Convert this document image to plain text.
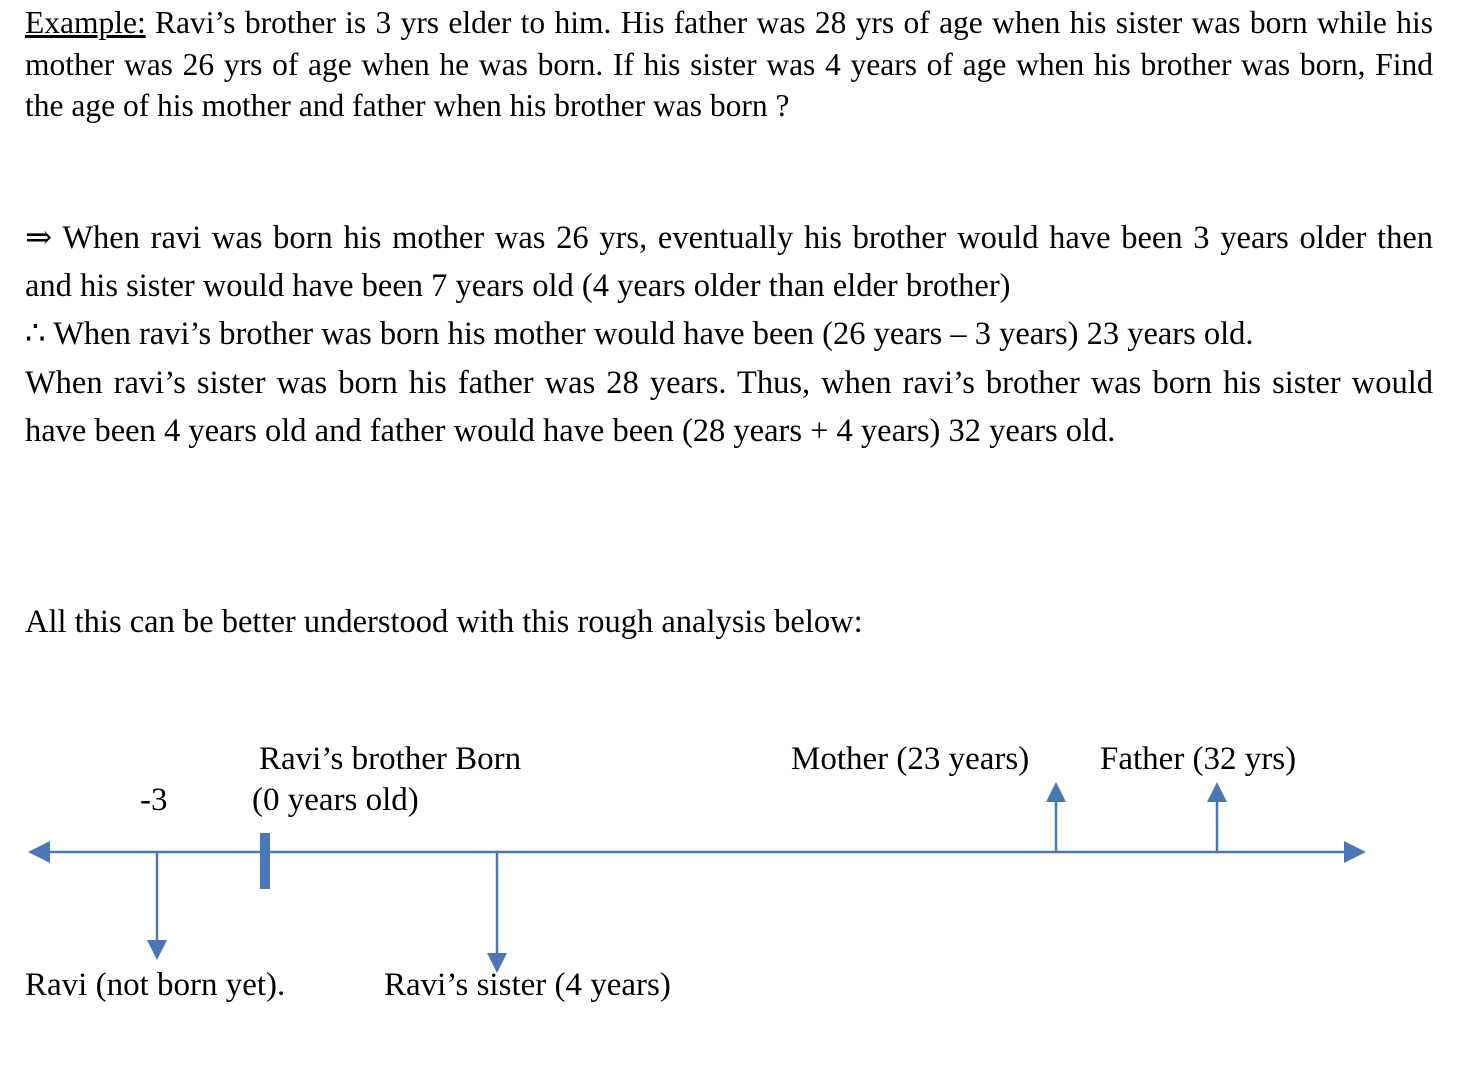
Example: Ravi’s brother is 3 yrs elder to him. His father was 28 yrs of age when his sister was born while his mother was 26 yrs of age when he was born. If his sister was 4 years of age when his brother was born, Find the age of his mother and father when his brother was born ?

⇒ When ravi was born his mother was 26 yrs, eventually his brother would have been 3 years older then and his sister would have been 7 years old (4 years older than elder brother)
∴ When ravi’s brother was born his mother would have been (26 years – 3 years) 23 years old.
When ravi’s sister was born his father was 28 years. Thus, when ravi’s brother was born his sister would have been 4 years old and father would have been (28 years + 4 years) 32 years old.

All this can be better understood with this rough analysis below:

-3
Ravi’s brother Born
(0 years old)
Mother (23 years) Father (32 yrs)
Ravi (not born yet).	Ravi’s sister (4 years)
